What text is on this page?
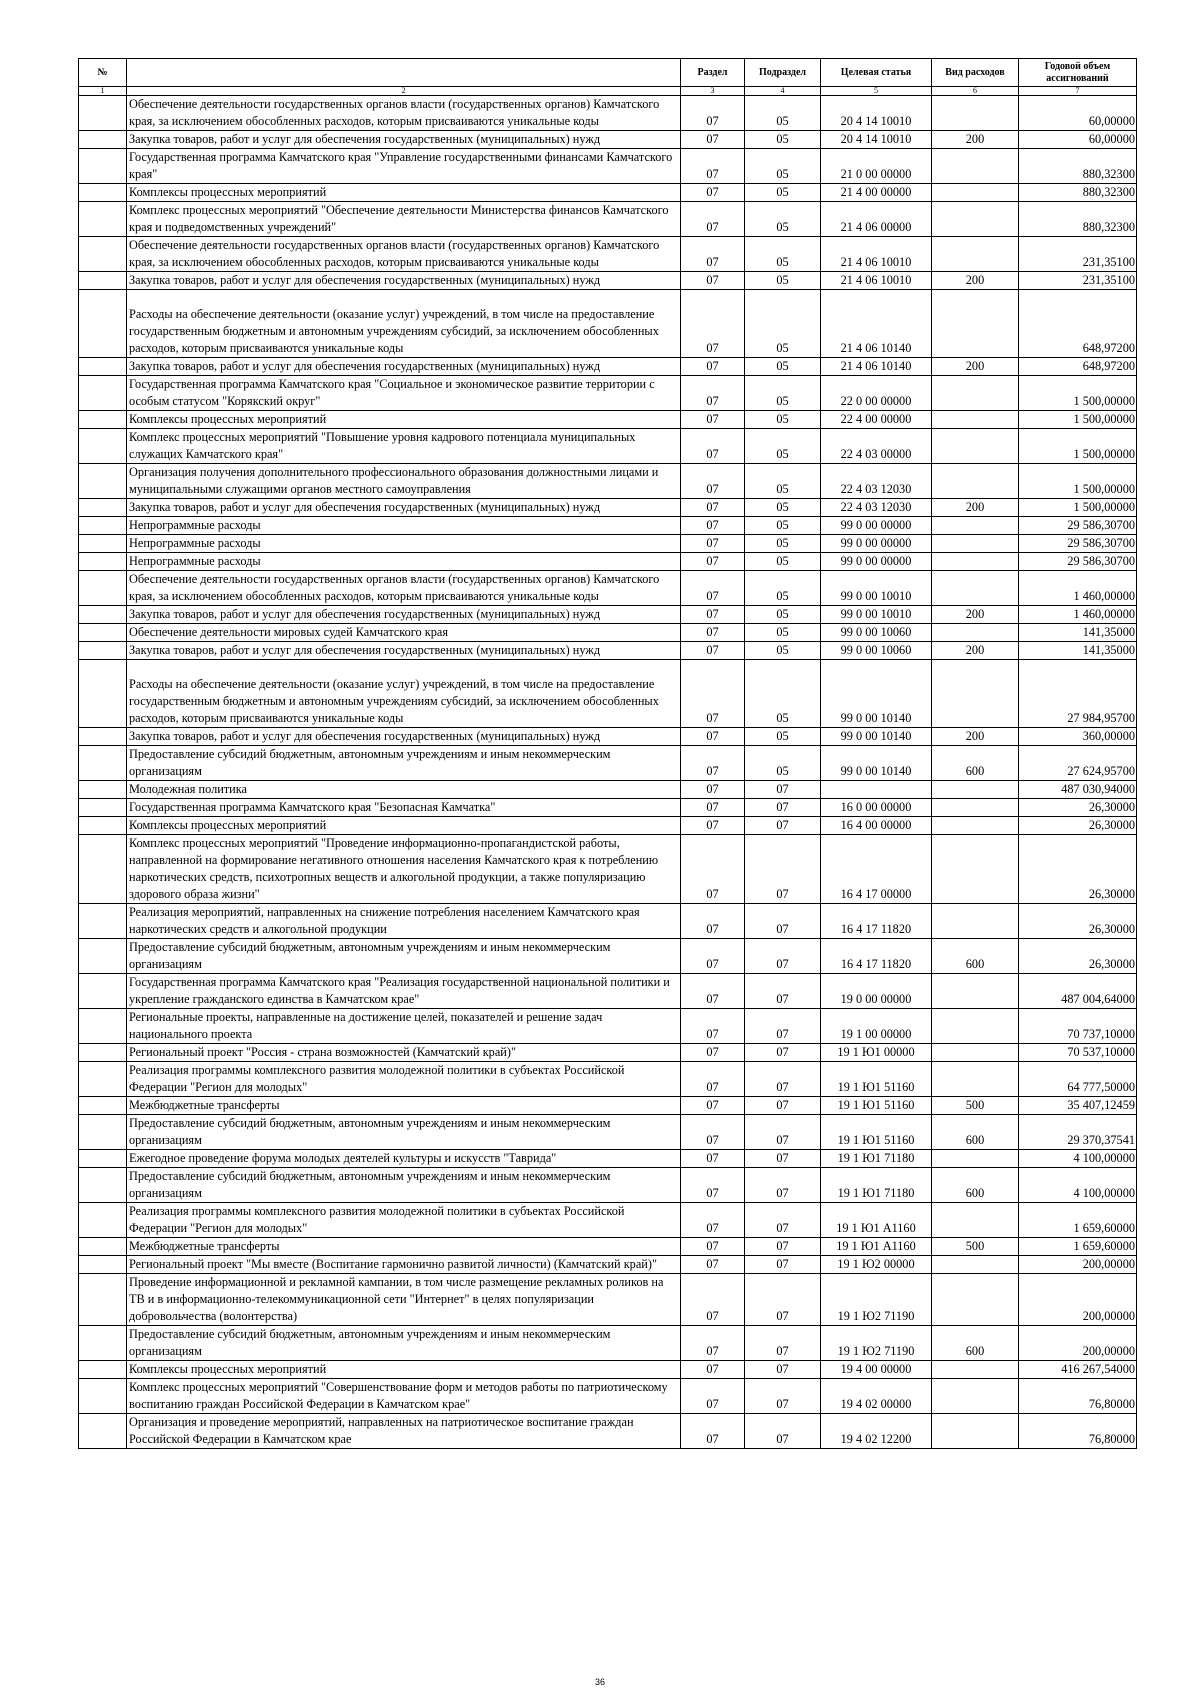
№		Раздел	Подраздел	Целевая статья	Вид расходов	Годовой объем
ассигнований

1	2	3	4	5	6	7
	Обеспечение деятельности государственных органов власти (государственных органов) Камчатского края, за исключением обособленных расходов, которым присваиваются уникальные коды	07	05	20 4 14 10010		60,00000
	Закупка товаров, работ и услуг для обеспечения государственных (муниципальных) нужд	07	05	20 4 14 10010	200	60,00000
	Государственная программа Камчатского края "Управление государственными финансами Камчатского края"	07	05	21 0 00 00000		880,32300
	Комплексы процессных мероприятий	07	05	21 4 00 00000		880,32300
	Комплекс процессных мероприятий "Обеспечение деятельности Министерства финансов Камчатского края и подведомственных учреждений"	07	05	21 4 06 00000		880,32300
	Обеспечение деятельности государственных органов власти (государственных органов) Камчатского края, за исключением обособленных расходов, которым присваиваются уникальные коды	07	05	21 4 06 10010		231,35100
	Закупка товаров, работ и услуг для обеспечения государственных (муниципальных) нужд	07	05	21 4 06 10010	200	231,35100
	Расходы на обеспечение деятельности (оказание услуг) учреждений, в том числе на предоставление государственным бюджетным и автономным учреждениям субсидий, за исключением обособленных расходов, которым присваиваются уникальные коды	07	05	21 4 06 10140		648,97200
	Закупка товаров, работ и услуг для обеспечения государственных (муниципальных) нужд	07	05	21 4 06 10140	200	648,97200
	Государственная программа Камчатского края "Социальное и экономическое развитие территории с особым статусом "Корякский округ"	07	05	22 0 00 00000		1 500,00000
	Комплексы процессных мероприятий	07	05	22 4 00 00000		1 500,00000
	Комплекс процессных мероприятий "Повышение уровня кадрового потенциала муниципальных служащих Камчатского края"	07	05	22 4 03 00000		1 500,00000
	Организация получения дополнительного профессионального образования должностными лицами и муниципальными служащими органов местного самоуправления	07	05	22 4 03 12030		1 500,00000
	Закупка товаров, работ и услуг для обеспечения государственных (муниципальных) нужд	07	05	22 4 03 12030	200	1 500,00000
	Непрограммные расходы	07	05	99 0 00 00000		29 586,30700
	Непрограммные расходы	07	05	99 0 00 00000		29 586,30700
	Непрограммные расходы	07	05	99 0 00 00000		29 586,30700
	Обеспечение деятельности государственных органов власти (государственных органов) Камчатского края, за исключением обособленных расходов, которым присваиваются уникальные коды	07	05	99 0 00 10010		1 460,00000
	Закупка товаров, работ и услуг для обеспечения государственных (муниципальных) нужд	07	05	99 0 00 10010	200	1 460,00000
	Обеспечение деятельности мировых судей Камчатского края	07	05	99 0 00 10060		141,35000
	Закупка товаров, работ и услуг для обеспечения государственных (муниципальных) нужд	07	05	99 0 00 10060	200	141,35000
	Расходы на обеспечение деятельности (оказание услуг) учреждений, в том числе на предоставление государственным бюджетным и автономным учреждениям субсидий, за исключением обособленных расходов, которым присваиваются уникальные коды	07	05	99 0 00 10140		27 984,95700
	Закупка товаров, работ и услуг для обеспечения государственных (муниципальных) нужд	07	05	99 0 00 10140	200	360,00000
	Предоставление субсидий бюджетным, автономным учреждениям и иным некоммерческим организациям	07	05	99 0 00 10140	600	27 624,95700
	Молодежная политика	07	07			487 030,94000
	Государственная программа Камчатского края "Безопасная Камчатка"	07	07	16 0 00 00000		26,30000
	Комплексы процессных мероприятий	07	07	16 4 00 00000		26,30000
	Комплекс процессных мероприятий "Проведение информационно-пропагандистской работы, направленной на формирование негативного отношения населения Камчатского края к потреблению наркотических средств, психотропных веществ и алкогольной продукции, а также популяризацию здорового образа жизни"	07	07	16 4 17 00000		26,30000
	Реализация мероприятий, направленных на снижение потребления населением Камчатского края наркотических средств и алкогольной продукции	07	07	16 4 17 11820		26,30000
	Предоставление субсидий бюджетным, автономным учреждениям и иным некоммерческим организациям	07	07	16 4 17 11820	600	26,30000
	Государственная программа Камчатского края "Реализация государственной национальной политики и укрепление гражданского единства в Камчатском крае"	07	07	19 0 00 00000		487 004,64000
	Региональные проекты, направленные на достижение целей, показателей и решение задач национального проекта	07	07	19 1 00 00000		70 737,10000
	Региональный проект "Россия - страна возможностей (Камчатский край)"	07	07	19 1 Ю1 00000		70 537,10000
	Реализация программы комплексного развития молодежной политики в субъектах Российской Федерации "Регион для молодых"	07	07	19 1 Ю1 51160		64 777,50000
	Межбюджетные трансферты	07	07	19 1 Ю1 51160	500	35 407,12459
	Предоставление субсидий бюджетным, автономным учреждениям и иным некоммерческим организациям	07	07	19 1 Ю1 51160	600	29 370,37541
	Ежегодное проведение форума молодых деятелей культуры и искусств "Таврида"	07	07	19 1 Ю1 71180		4 100,00000
	Предоставление субсидий бюджетным, автономным учреждениям и иным некоммерческим организациям	07	07	19 1 Ю1 71180	600	4 100,00000
	Реализация программы комплексного развития молодежной политики в субъектах Российской Федерации "Регион для молодых"	07	07	19 1 Ю1 А1160		1 659,60000
	Межбюджетные трансферты	07	07	19 1 Ю1 А1160	500	1 659,60000
	Региональный проект "Мы вместе (Воспитание гармонично развитой личности) (Камчатский край)"	07	07	19 1 Ю2 00000		200,00000
	Проведение информационной и рекламной кампании, в том числе размещение рекламных роликов на ТВ и в информационно-телекоммуникационной сети "Интернет" в целях популяризации добровольчества (волонтерства)	07	07	19 1 Ю2 71190		200,00000
	Предоставление субсидий бюджетным, автономным учреждениям и иным некоммерческим организациям	07	07	19 1 Ю2 71190	600	200,00000
	Комплексы процессных мероприятий	07	07	19 4 00 00000		416 267,54000
	Комплекс процессных мероприятий "Совершенствование форм и методов работы по патриотическому воспитанию граждан Российской Федерации в Камчатском крае"	07	07	19 4 02 00000		76,80000
	Организация и проведение мероприятий, направленных на патриотическое воспитание граждан Российской Федерации в Камчатском крае	07	07	19 4 02 12200		76,80000
36
